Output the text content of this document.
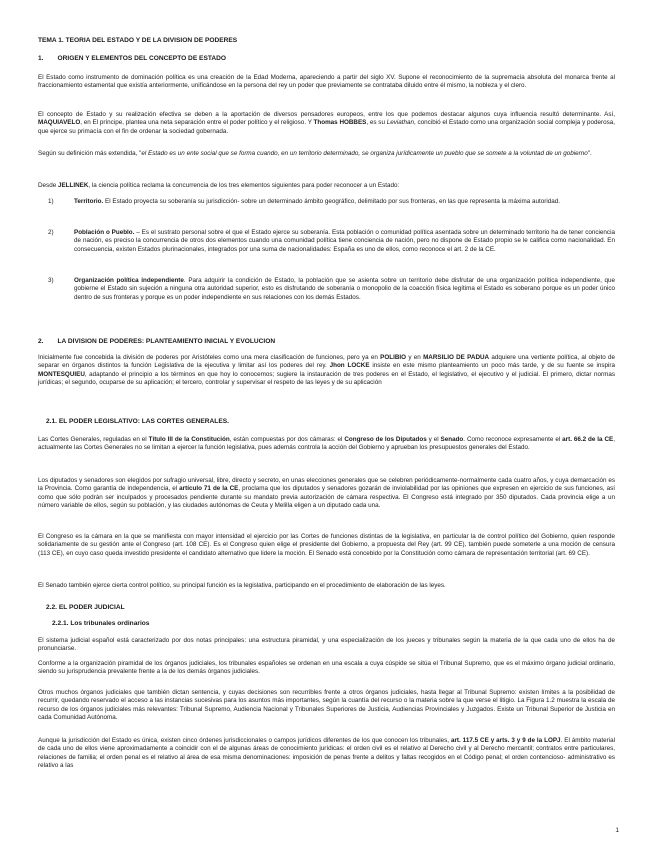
TEMA 1. TEORIA DEL ESTADO Y DE LA DIVISION DE PODERES

1. ORIGEN Y ELEMENTOS DEL CONCEPTO DE ESTADO

El Estado como instrumento de dominación política es una creación de la Edad Moderna, apareciendo a partir del siglo XV. Supone el reconocimiento de la supremacía absoluta del monarca frente al fraccionamiento estamental que existía anteriormente, unificándose en la persona del rey un poder que previamente se contrataba diluido entre él mismo, la nobleza y el clero.

El concepto de Estado y su realización efectiva se deben a la aportación de diversos pensadores europeos, entre los que podemos destacar algunos cuya influencia resultó determinante. Así, MAQUIAVELO, en El príncipe, plantea una neta separación entre el poder político y el religioso. Y Thomas HOBBES, es su Leviathan, concibió el Estado como una organización social compleja y poderosa, que ejerce su primacía con el fin de ordenar la sociedad gobernada.

Según su definición más extendida, "el Estado es un ente social que se forma cuando, en un territorio determinado, se organiza jurídicamente un pueblo que se somete a la voluntad de un gobierno".

Desde JELLINEK, la ciencia política reclama la concurrencia de los tres elementos siguientes para poder reconocer a un Estado:

1)	Territorio. El Estado proyecta su soberanía su jurisdicción- sobre un determinado ámbito geográfico, delimitado por sus fronteras, en las que representa la máxima autoridad.

2)	Población o Pueblo. – Es el sustrato personal sobre el que el Estado ejerce su soberanía. Esta población o comunidad política asentada sobre un determinado territorio ha de tener conciencia de nación, es preciso la concurrencia de otros dos elementos cuando una comunidad política tiene conciencia de nación, pero no dispone de Estado propio se le califica como nacionalidad. En consecuencia, existen Estados plurinacionales, integrados por una suma de nacionalidades: España es uno de ellos, como reconoce el art. 2 de la CE.

3)	Organización política independiente. Para adquirir la condición de Estado, la población que se asienta sobre un territorio debe disfrutar de una organización política independiente, que gobierne el Estado sin sujeción a ninguna otra autoridad superior, esto es disfrutando de soberanía o monopolio de la coacción física legítima el Estado es soberano porque es un poder único dentro de sus fronteras y porque es un poder independiente en sus relaciones con los demás Estados.

2. LA DIVISION DE PODERES: PLANTEAMIENTO INICIAL Y EVOLUCION

Inicialmente fue concebida la división de poderes por Aristóteles como una mera clasificación de funciones, pero ya en POLIBIO y en MARSILIO DE PADUA adquiere una vertiente política, al objeto de separar en órganos distintos la función Legislativa de la ejecutiva y limitar así los poderes del rey. Jhon LOCKE insiste en este mismo planteamiento un poco más tarde, y de su fuente se inspira MONTESQUIEU, adaptando el principio a los términos en que hoy lo conocemos; sugiere la instauración de tres poderes en el Estado, el legislativo, el ejecutivo y el judicial. El primero, dictar normas jurídicas; el segundo, ocuparse de su aplicación; el tercero, controlar y supervisar el respeto de las leyes y de su aplicación

2.1. EL PODER LEGISLATIVO: LAS CORTES GENERALES.

Las Cortes Generales, reguladas en el Título III de la Constitución, están compuestas por dos cámaras: el Congreso de los Diputados y el Senado. Como reconoce expresamente el art. 66.2 de la CE, actualmente las Cortes Generales no se limitan a ejercer la función legislativa, pues además controla la acción del Gobierno y aprueban los presupuestos generales del Estado.

Los diputados y senadores son elegidos por sufragio universal, libre, directo y secreto, en unas elecciones generales que se celebren periódicamente-normalmente cada cuatro años, y cuya demarcación es la Provincia. Como garantía de independencia, el artículo 71 de la CE, proclama que los diputados y senadores gozarán de inviolabilidad por las opiniones que expresen en ejercicio de sus funciones, así como que sólo podrán ser inculpados y procesados pendiente durante su mandato previa autorización de cámara respectiva. El Congreso está integrado por 350 diputados. Cada provincia elige a un número variable de ellos, según su población, y las ciudades autónomas de Ceuta y Melilla eligen a un diputado cada una.

El Congreso es la cámara en la que se manifiesta con mayor intensidad el ejercicio por las Cortes de funciones distintas de la legislativa, en particular la de control político del Gobierno, quien responde solidariamente de su gestión ante el Congreso (art. 108 CE). Es el Congreso quien elige el presidente del Gobierno, a propuesta del Rey (art. 99 CE), también puede someterle a una moción de censura (113 CE), en cuyo caso queda investido presidente el candidato alternativo que lidere la moción. El Senado está concebido por la Constitución como cámara de representación territorial (art. 69 CE).

El Senado también ejerce cierta control político, su principal función es la legislativa, participando en el procedimiento de elaboración de las leyes.

2.2. EL PODER JUDICIAL

2.2.1. Los tribunales ordinarios

El sistema judicial español está caracterizado por dos notas principales: una estructura piramidal, y una especialización de los jueces y tribunales según la materia de la que cada uno de ellos ha de pronunciarse.

Conforme a la organización piramidal de los órganos judiciales, los tribunales españoles se ordenan en una escala a cuya cúspide se sitúa el Tribunal Supremo, que es el máximo órgano judicial ordinario, siendo su jurisprudencia prevalente frente a la de los demás órganos judiciales.

Otros muchos órganos judiciales que también dictan sentencia, y cuyas decisiones son recurribles frente a otros órganos judiciales, hasta llegar al Tribunal Supremo: existen límites a la posibilidad de recurrir, quedando reservado el acceso a las instancias sucesivas para los asuntos más importantes, según la cuantía del recurso o la materia sobre la que verse el litigio. La Figura 1.2 muestra la escala de recurso de los órganos judiciales más relevantes: Tribunal Supremo, Audiencia Nacional y Tribunales Superiores de Justicia, Audiencias Provinciales y Juzgados. Existe un Tribunal Superior de Justicia en cada Comunidad Autónoma.

Aunque la jurisdicción del Estado es única, existen cinco órdenes jurisdiccionales o campos jurídicos diferentes de los que conocen los tribunales, art. 117.5 CE y arts. 3 y 9 de la LOPJ. El ámbito material de cada uno de ellos viene aproximadamente a coincidir con el de algunas áreas de conocimiento jurídicas: el orden civil es el relativo al Derecho civil y al Derecho mercantil; contratos entre particulares, relaciones de familia; el orden penal es el relativo al área de esa misma denominaciones: imposición de penas frente a delitos y faltas recogidos en el Código penal; el orden contencioso- administrativo es relativo a las

1
